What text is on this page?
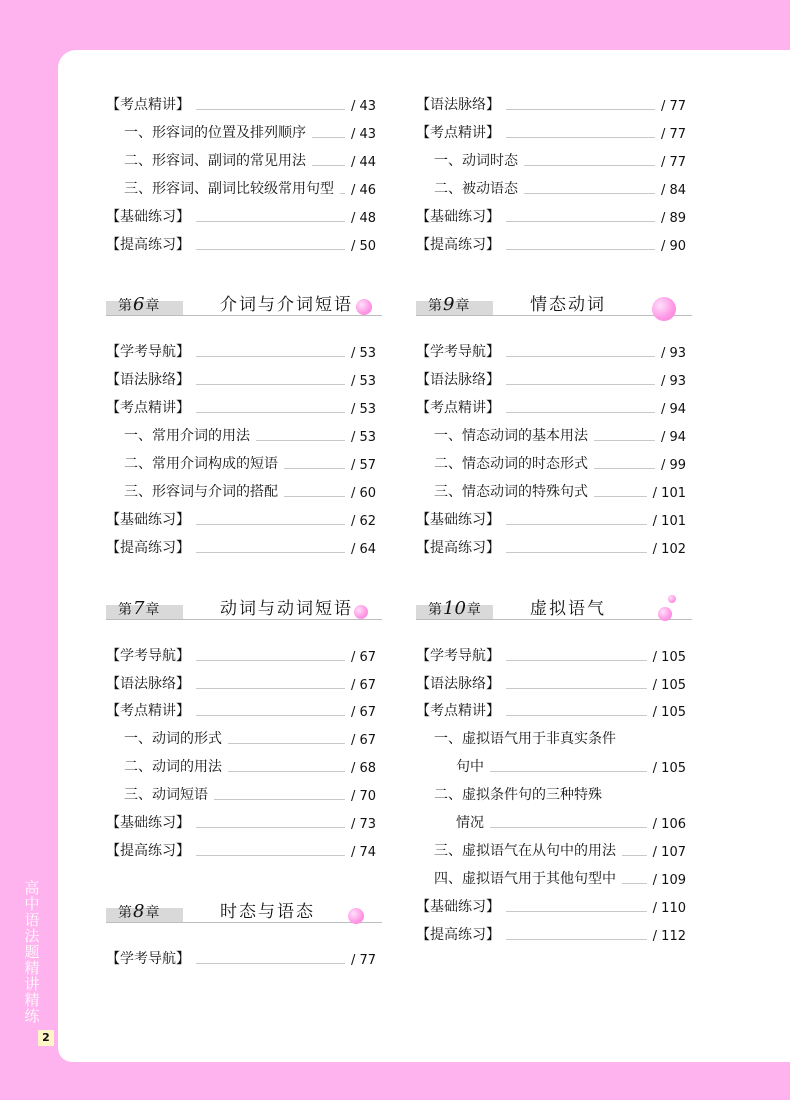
高中语法题精讲精练
2
【考点精讲】	/ 43
一、形容词的位置及排列顺序	/ 43
二、形容词、副词的常见用法	/ 44
三、形容词、副词比较级常用句型 / 46
【基础练习】	/ 48
【提高练习】	/ 50
第6章	介词与介词短语
【学考导航】	/ 53
【语法脉络】	/ 53
【考点精讲】	/ 53
一、常用介词的用法	/ 53
二、常用介词构成的短语	/ 57
三、形容词与介词的搭配	/ 60
【基础练习】	/ 62
【提高练习】	/ 64
第7章	动词与动词短语
【学考导航】	/ 67
【语法脉络】	/ 67
【考点精讲】	/ 67
一、动词的形式	/ 67
二、动词的用法	/ 68
三、动词短语	/ 70
【基础练习】	/ 73
【提高练习】	/ 74
第8章	时态与语态
【学考导航】	/ 77
【语法脉络】	/ 77
【考点精讲】	/ 77
一、动词时态	/ 77
二、被动语态	/ 84
【基础练习】	/ 89
【提高练习】	/ 90
第9章	情态动词
【学考导航】	/ 93
【语法脉络】	/ 93
【考点精讲】	/ 94
一、情态动词的基本用法	/ 94
二、情态动词的时态形式	/ 99
三、情态动词的特殊句式	/ 101
【基础练习】	/ 101
【提高练习】	/ 102
第10章	虚拟语气
【学考导航】	/ 105
【语法脉络】	/ 105
【考点精讲】	/ 105
一、虚拟语气用于非真实条件
句中	/ 105
二、虚拟条件句的三种特殊
情况	/ 106
三、虚拟语气在从句中的用法	/ 107
四、虚拟语气用于其他句型中	/ 109
【基础练习】	/ 110
【提高练习】	/ 112
